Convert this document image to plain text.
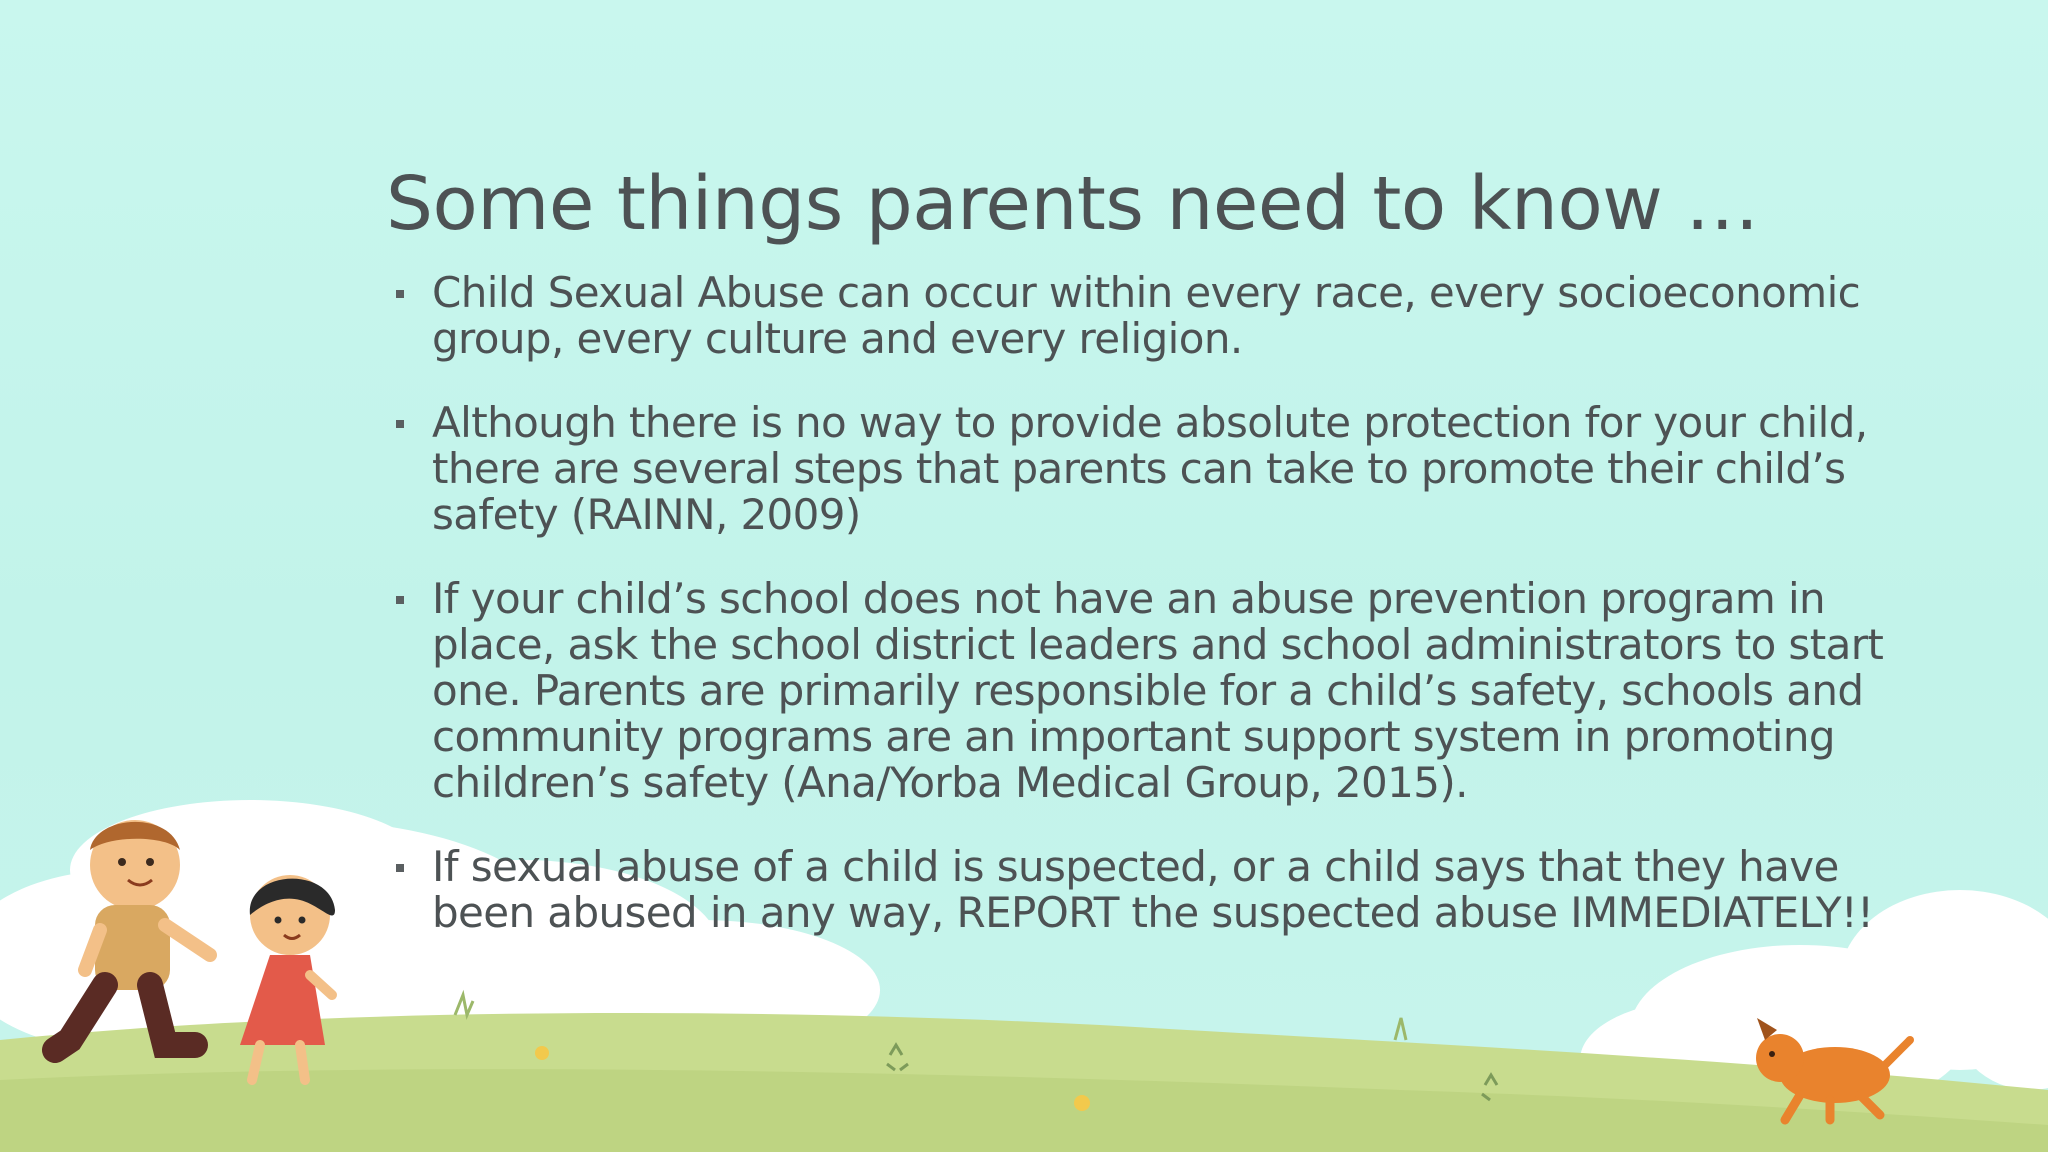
Some things parents need to know …
Child Sexual Abuse can occur within every race, every socioeconomic group, every culture and every religion.
Although there is no way to provide absolute protection for your child, there are several steps that parents can take to promote their child’s safety (RAINN, 2009)
If your child’s school does not have an abuse prevention program in place, ask the school district leaders and school administrators to start one. Parents are primarily responsible for a child’s safety, schools and community programs are an important support system in promoting children’s safety (Ana/Yorba Medical Group, 2015).
If sexual abuse of a child is suspected, or a child says that they have been abused in any way, REPORT the suspected abuse IMMEDIATELY!!
